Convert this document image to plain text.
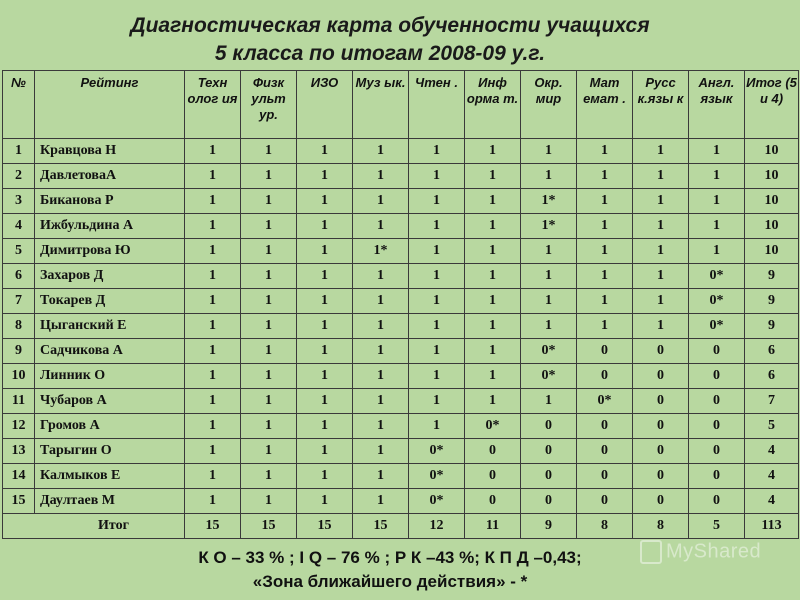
Диагностическая карта обученности учащихся
5 класса по итогам 2008-09 у.г.
№	Рейтинг	Техн олог ия	Физк ульт ур.	ИЗО	Муз ык.	Чтен .	Инф орма т.	Окр. мир	Мат емат .	Русс к.язы к	Англ. язык	Итог (5 и 4)
1	Кравцова Н	1	1	1	1	1	1	1	1	1	1	10
2	ДавлетоваА	1	1	1	1	1	1	1	1	1	1	10
3	Биканова Р	1	1	1	1	1	1	1*	1	1	1	10
4	Ижбульдина А	1	1	1	1	1	1	1*	1	1	1	10
5	Димитрова Ю	1	1	1	1*	1	1	1	1	1	1	10
6	Захаров Д	1	1	1	1	1	1	1	1	1	0*	9
7	Токарев Д	1	1	1	1	1	1	1	1	1	0*	9
8	Цыганский Е	1	1	1	1	1	1	1	1	1	0*	9
9	Садчикова А	1	1	1	1	1	1	0*	0	0	0	6
10	Линник О	1	1	1	1	1	1	0*	0	0	0	6
11	Чубаров А	1	1	1	1	1	1	1	0*	0	0	7
12	Громов А	1	1	1	1	1	0*	0	0	0	0	5
13	Тарыгин О	1	1	1	1	0*	0	0	0	0	0	4
14	Калмыков Е	1	1	1	1	0*	0	0	0	0	0	4
15	Даултаев М	1	1	1	1	0*	0	0	0	0	0	4
Итог		15	15	15	15	12	11	9	8	8	5	113
К О – 33 % ; I Q – 76 % ; Р К –43 %; К П Д –0,43;
«Зона ближайшего действия» - *
MyShared
